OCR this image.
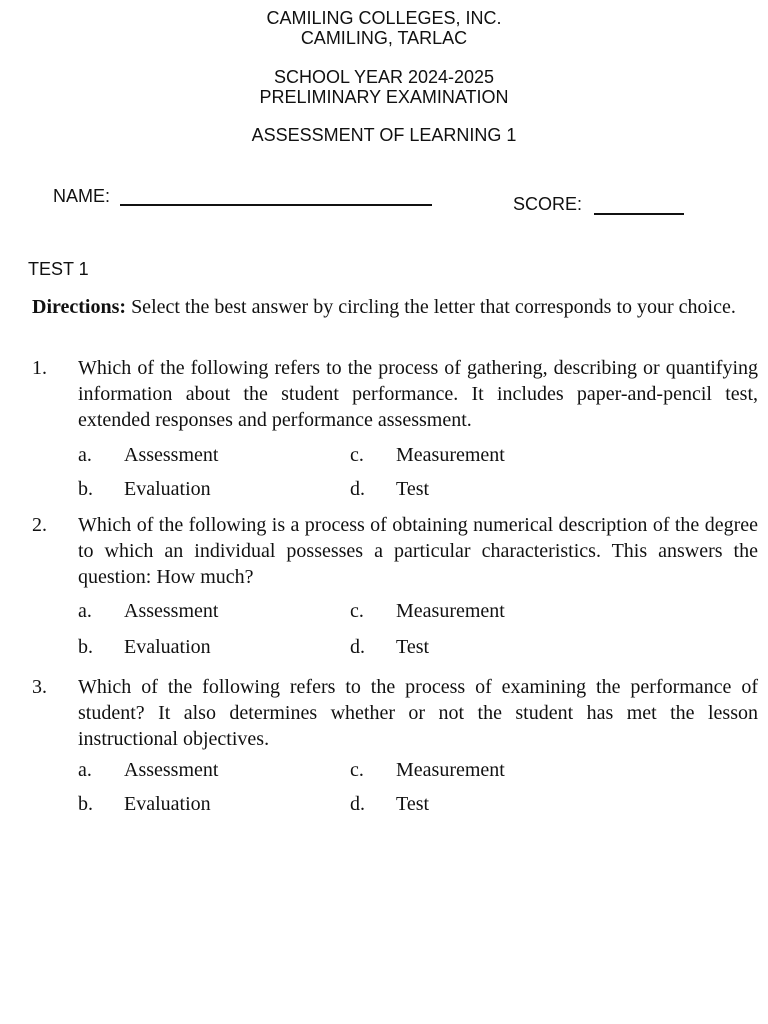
CAMILING COLLEGES, INC.
CAMILING, TARLAC
SCHOOL YEAR 2024-2025
PRELIMINARY EXAMINATION
ASSESSMENT OF LEARNING 1
NAME:	SCORE:
TEST 1
Directions: Select the best answer by circling the letter that corresponds to your choice.
1. Which of the following refers to the process of gathering, describing or quantifying information about the student performance. It includes paper-and-pencil test, extended responses and performance assessment.
a. Assessment	c. Measurement
b. Evaluation	d. Test
2. Which of the following is a process of obtaining numerical description of the degree to which an individual possesses a particular characteristics. This answers the question: How much?
a. Assessment	c. Measurement
b. Evaluation	d. Test
3. Which of the following refers to the process of examining the performance of student? It also determines whether or not the student has met the lesson instructional objectives.
a. Assessment	c. Measurement
b. Evaluation	d. Test
